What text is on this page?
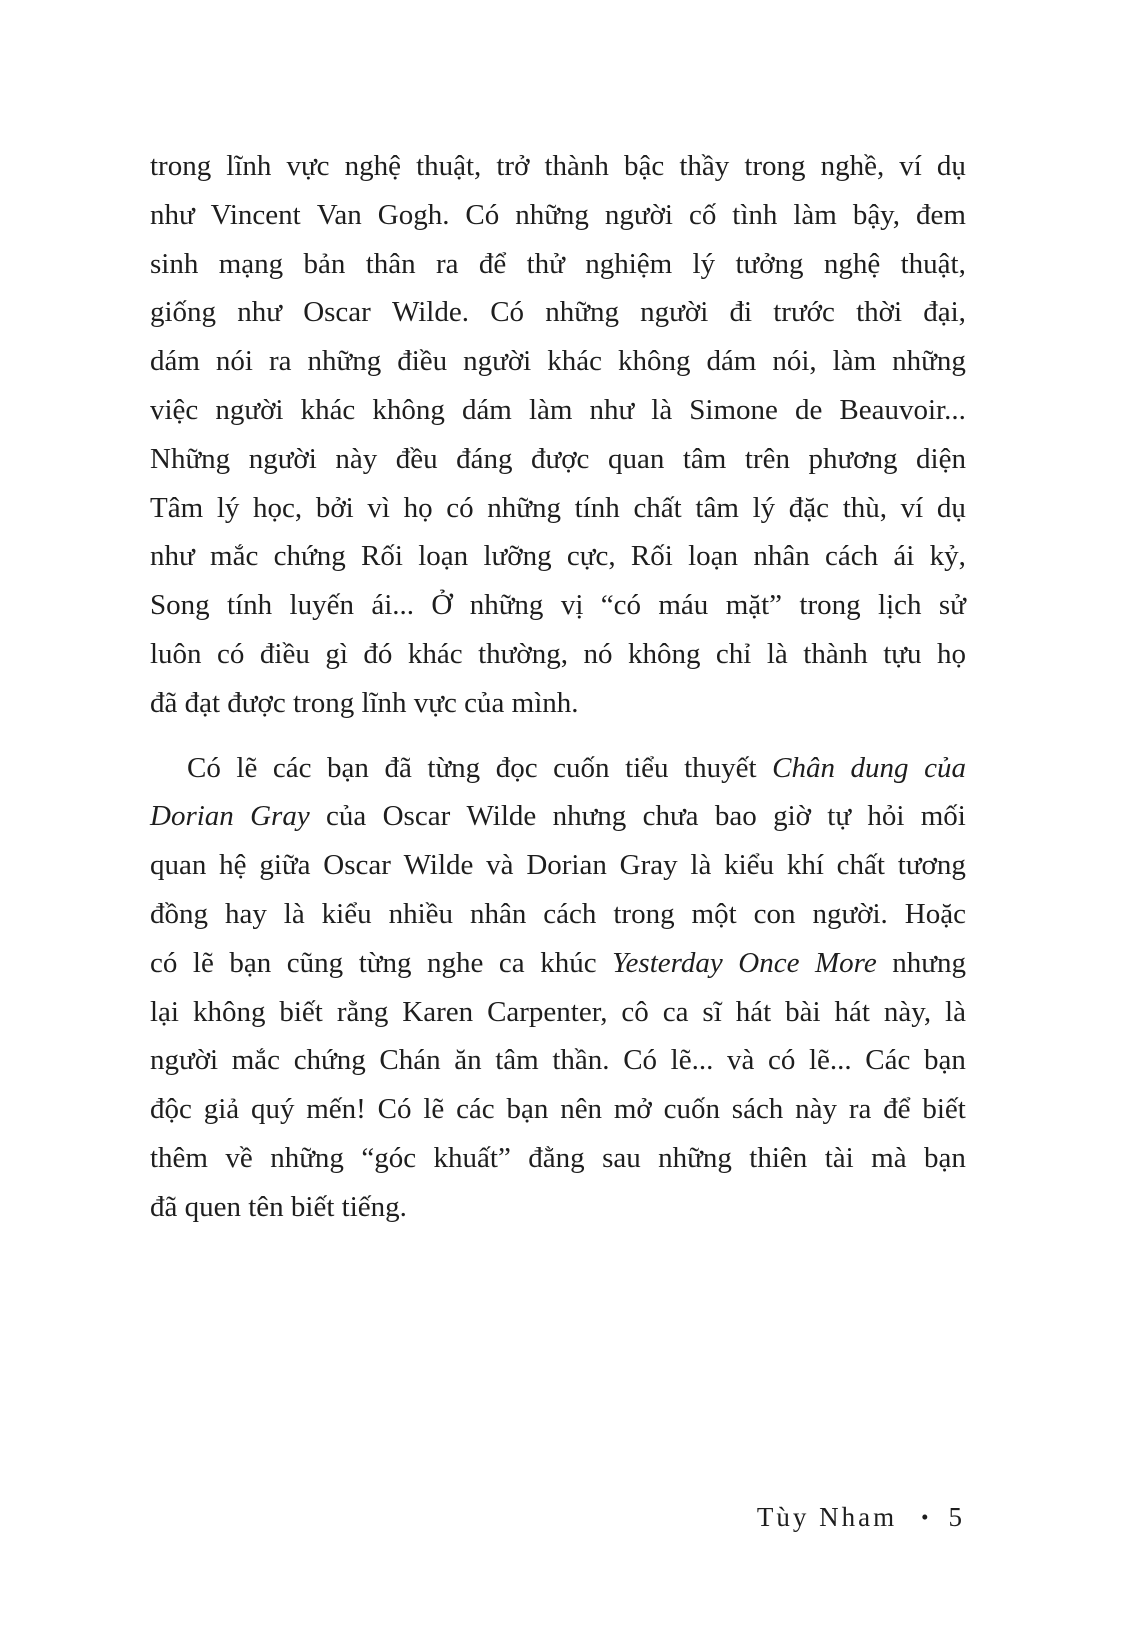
trong lĩnh vực nghệ thuật, trở thành bậc thầy trong nghề, ví dụ
như Vincent Van Gogh. Có những người cố tình làm bậy, đem
sinh mạng bản thân ra để thử nghiệm lý tưởng nghệ thuật,
giống như Oscar Wilde. Có những người đi trước thời đại,
dám nói ra những điều người khác không dám nói, làm những
việc người khác không dám làm như là Simone de Beauvoir...
Những người này đều đáng được quan tâm trên phương diện
Tâm lý học, bởi vì họ có những tính chất tâm lý đặc thù, ví dụ
như mắc chứng Rối loạn lưỡng cực, Rối loạn nhân cách ái kỷ,
Song tính luyến ái... Ở những vị “có máu mặt” trong lịch sử
luôn có điều gì đó khác thường, nó không chỉ là thành tựu họ
đã đạt được trong lĩnh vực của mình.
Có lẽ các bạn đã từng đọc cuốn tiểu thuyết Chân dung của
Dorian Gray của Oscar Wilde nhưng chưa bao giờ tự hỏi mối
quan hệ giữa Oscar Wilde và Dorian Gray là kiểu khí chất tương
đồng hay là kiểu nhiều nhân cách trong một con người. Hoặc
có lẽ bạn cũng từng nghe ca khúc Yesterday Once More nhưng
lại không biết rằng Karen Carpenter, cô ca sĩ hát bài hát này, là
người mắc chứng Chán ăn tâm thần. Có lẽ... và có lẽ... Các bạn
độc giả quý mến! Có lẽ các bạn nên mở cuốn sách này ra để biết
thêm về những “góc khuất” đằng sau những thiên tài mà bạn
đã quen tên biết tiếng.
Tùy Nham • 5
